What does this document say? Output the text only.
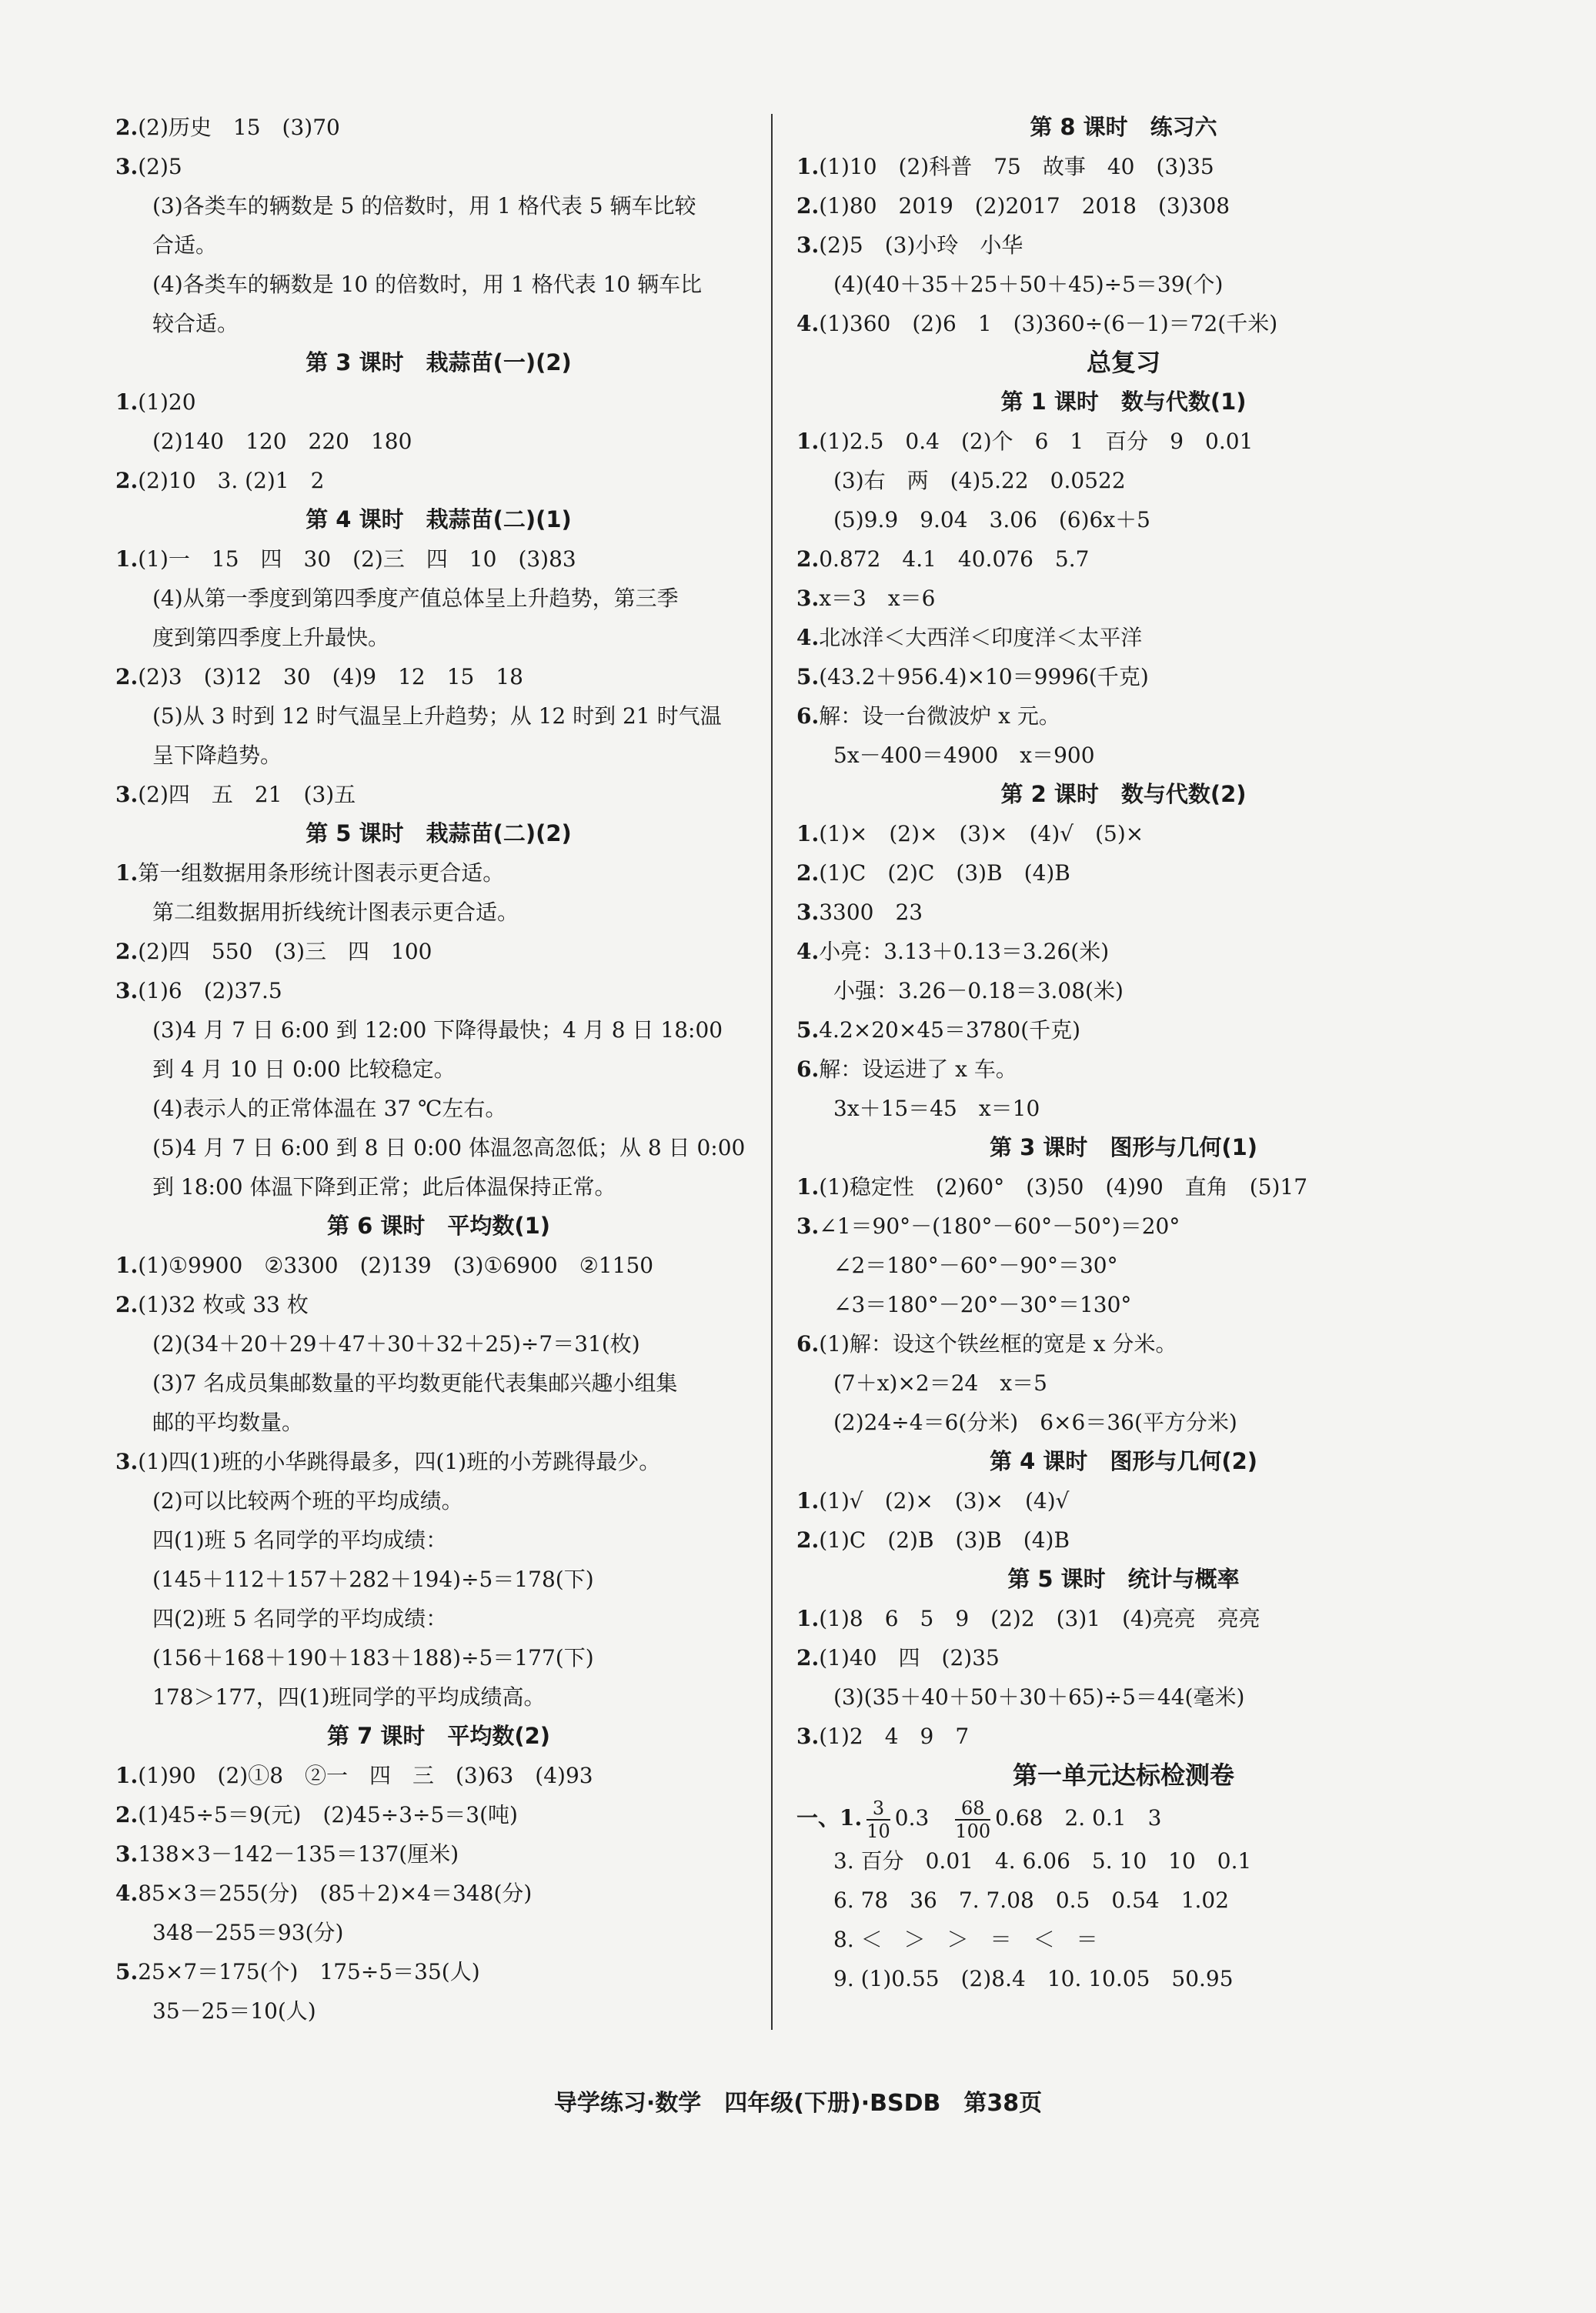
2.(2)历史　15　(3)70
3.(2)5
(3)各类车的辆数是 5 的倍数时，用 1 格代表 5 辆车比较
合适。
(4)各类车的辆数是 10 的倍数时，用 1 格代表 10 辆车比
较合适。
第 3 课时　栽蒜苗(一)(2)
1.(1)20
(2)140　120　220　180
2.(2)10　3. (2)1　2
第 4 课时　栽蒜苗(二)(1)
1.(1)一　15　四　30　(2)三　四　10　(3)83
(4)从第一季度到第四季度产值总体呈上升趋势，第三季
度到第四季度上升最快。
2.(2)3　(3)12　30　(4)9　12　15　18
(5)从 3 时到 12 时气温呈上升趋势；从 12 时到 21 时气温
呈下降趋势。
3.(2)四　五　21　(3)五
第 5 课时　栽蒜苗(二)(2)
1.第一组数据用条形统计图表示更合适。
第二组数据用折线统计图表示更合适。
2.(2)四　550　(3)三　四　100
3.(1)6　(2)37.5
(3)4 月 7 日 6:00 到 12:00 下降得最快；4 月 8 日 18:00
到 4 月 10 日 0:00 比较稳定。
(4)表示人的正常体温在 37 ℃左右。
(5)4 月 7 日 6:00 到 8 日 0:00 体温忽高忽低；从 8 日 0:00
到 18:00 体温下降到正常；此后体温保持正常。
第 6 课时　平均数(1)
1.(1)①9900　②3300　(2)139　(3)①6900　②1150
2.(1)32 枚或 33 枚
(2)(34＋20＋29＋47＋30＋32＋25)÷7＝31(枚)
(3)7 名成员集邮数量的平均数更能代表集邮兴趣小组集
邮的平均数量。
3.(1)四(1)班的小华跳得最多，四(1)班的小芳跳得最少。
(2)可以比较两个班的平均成绩。
四(1)班 5 名同学的平均成绩：
(145＋112＋157＋282＋194)÷5＝178(下)
四(2)班 5 名同学的平均成绩：
(156＋168＋190＋183＋188)÷5＝177(下)
178＞177，四(1)班同学的平均成绩高。
第 7 课时　平均数(2)
1.(1)90　(2)①8　②一　四　三　(3)63　(4)93
2.(1)45÷5＝9(元)　(2)45÷3÷5＝3(吨)
3.138×3－142－135＝137(厘米)
4.85×3＝255(分)　(85＋2)×4＝348(分)
348－255＝93(分)
5.25×7＝175(个)　175÷5＝35(人)
35－25＝10(人)
第 8 课时　练习六
1.(1)10　(2)科普　75　故事　40　(3)35
2.(1)80　2019　(2)2017　2018　(3)308
3.(2)5　(3)小玲　小华
(4)(40＋35＋25＋50＋45)÷5＝39(个)
4.(1)360　(2)6　1　(3)360÷(6－1)＝72(千米)
总复习
第 1 课时　数与代数(1)
1.(1)2.5　0.4　(2)个　6　1　百分　9　0.01
(3)右　两　(4)5.22　0.0522
(5)9.9　9.04　3.06　(6)6x＋5
2.0.872　4.1　40.076　5.7
3.x＝3　x＝6
4.北冰洋＜大西洋＜印度洋＜太平洋
5.(43.2＋956.4)×10＝9996(千克)
6.解：设一台微波炉 x 元。
5x－400＝4900　x＝900
第 2 课时　数与代数(2)
1.(1)×　(2)×　(3)×　(4)√　(5)×
2.(1)C　(2)C　(3)B　(4)B
3.3300　23
4.小亮：3.13＋0.13＝3.26(米)
小强：3.26－0.18＝3.08(米)
5.4.2×20×45＝3780(千克)
6.解：设运进了 x 车。
3x＋15＝45　x＝10
第 3 课时　图形与几何(1)
1.(1)稳定性　(2)60°　(3)50　(4)90　直角　(5)17
3.∠1＝90°－(180°－60°－50°)＝20°
∠2＝180°－60°－90°＝30°
∠3＝180°－20°－30°＝130°
6.(1)解：设这个铁丝框的宽是 x 分米。
(7＋x)×2＝24　x＝5
(2)24÷4＝6(分米)　6×6＝36(平方分米)
第 4 课时　图形与几何(2)
1.(1)√　(2)×　(3)×　(4)√
2.(1)C　(2)B　(3)B　(4)B
第 5 课时　统计与概率
1.(1)8　6　5　9　(2)2　(3)1　(4)亮亮　亮亮
2.(1)40　四　(2)35
(3)(35＋40＋50＋30＋65)÷5＝44(毫米)
3.(1)2　4　9　7
第一单元达标检测卷
一、1. $\frac{3}{10} 0.3$　 $\frac{68}{100} 0.68$　2. 0.1　3
3. 百分　0.01　4. 6.06　5. 10　10　0.1
6. 78　36　7. 7.08　0.5　0.54　1.02
8. ＜　＞　＞　＝　＜　＝
9. (1)0.55　(2)8.4　10. 10.05　50.95
导学练习·数学　四年级(下册)·BSDB　第38页
